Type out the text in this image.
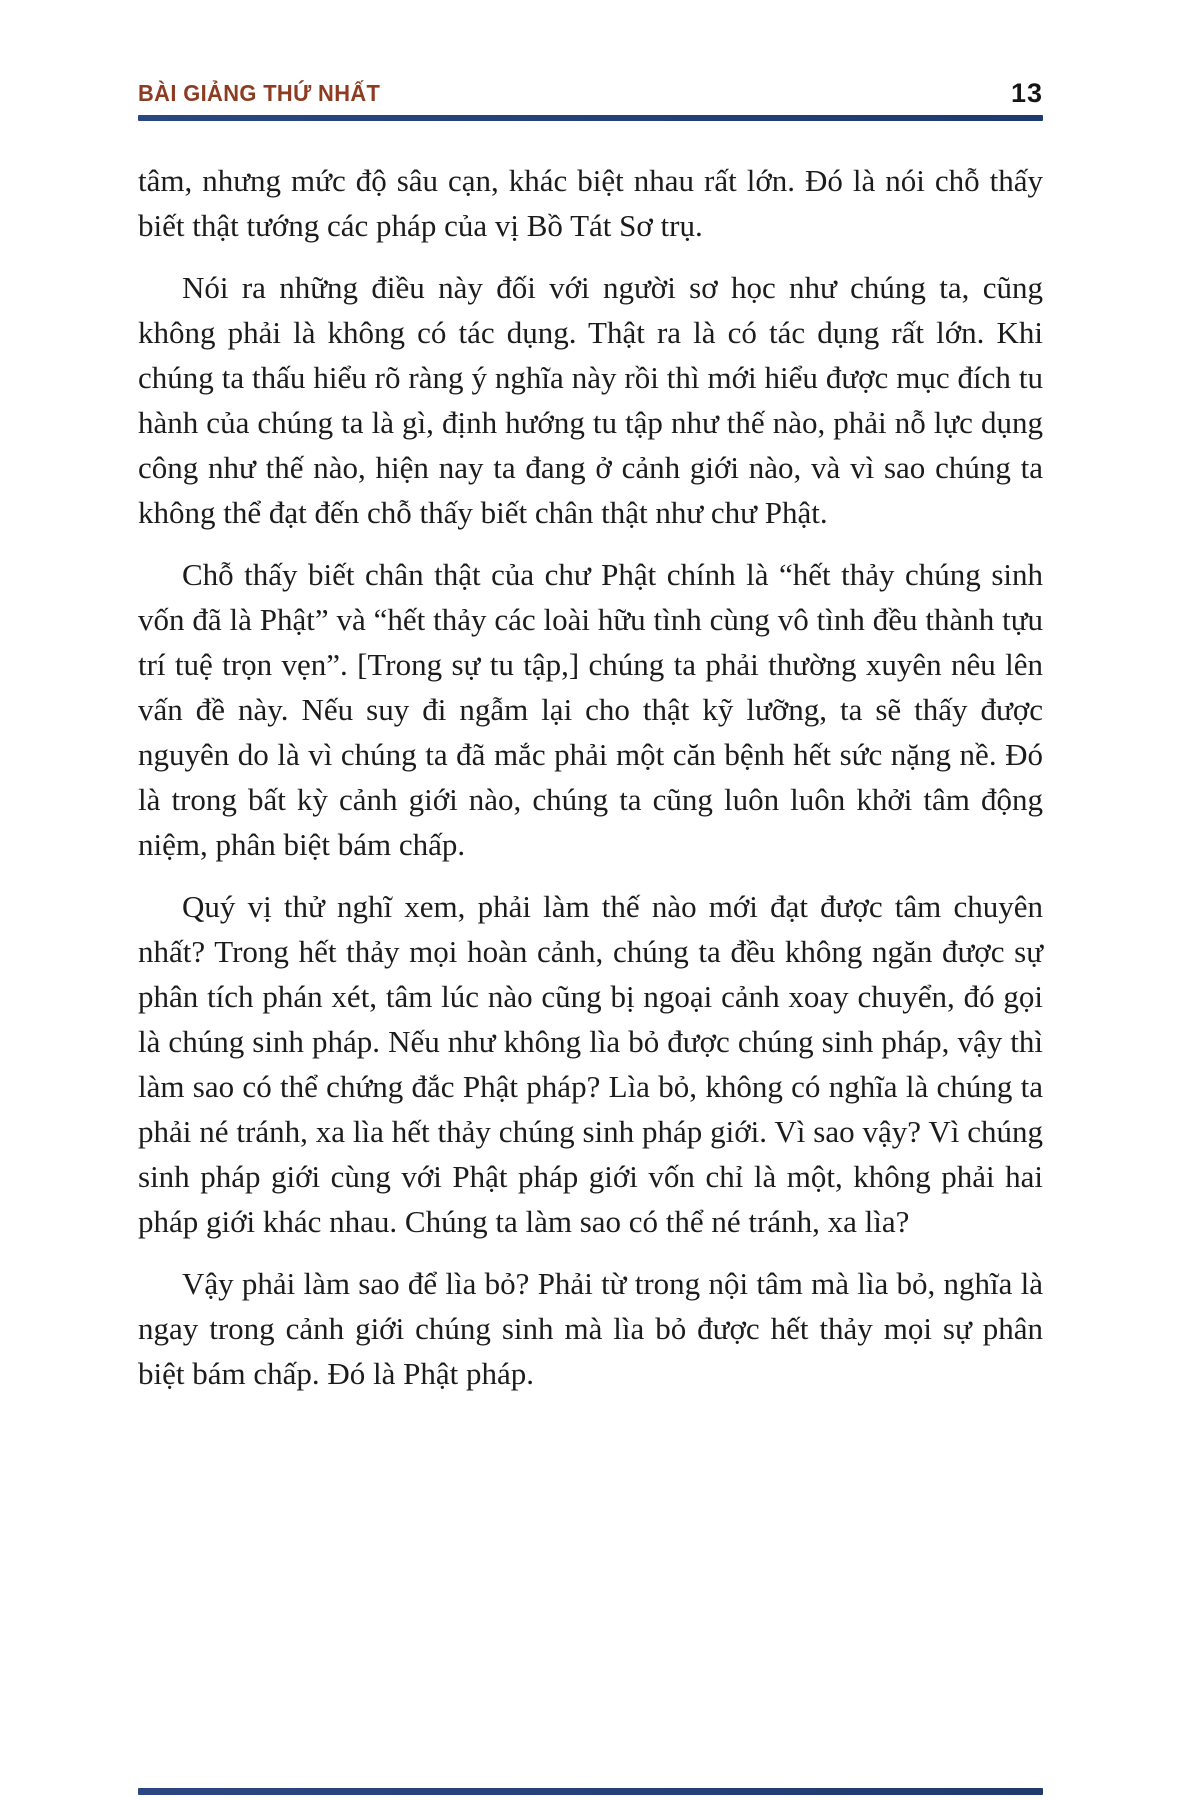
BÀI GIẢNG THỨ NHẤT	13

tâm, nhưng mức độ sâu cạn, khác biệt nhau rất lớn. Đó là nói chỗ thấy biết thật tướng các pháp của vị Bồ Tát Sơ trụ.

Nói ra những điều này đối với người sơ học như chúng ta, cũng không phải là không có tác dụng. Thật ra là có tác dụng rất lớn. Khi chúng ta thấu hiểu rõ ràng ý nghĩa này rồi thì mới hiểu được mục đích tu hành của chúng ta là gì, định hướng tu tập như thế nào, phải nỗ lực dụng công như thế nào, hiện nay ta đang ở cảnh giới nào, và vì sao chúng ta không thể đạt đến chỗ thấy biết chân thật như chư Phật.

Chỗ thấy biết chân thật của chư Phật chính là “hết thảy chúng sinh vốn đã là Phật” và “hết thảy các loài hữu tình cùng vô tình đều thành tựu trí tuệ trọn vẹn”. [Trong sự tu tập,] chúng ta phải thường xuyên nêu lên vấn đề này. Nếu suy đi ngẫm lại cho thật kỹ lưỡng, ta sẽ thấy được nguyên do là vì chúng ta đã mắc phải một căn bệnh hết sức nặng nề. Đó là trong bất kỳ cảnh giới nào, chúng ta cũng luôn luôn khởi tâm động niệm, phân biệt bám chấp.

Quý vị thử nghĩ xem, phải làm thế nào mới đạt được tâm chuyên nhất? Trong hết thảy mọi hoàn cảnh, chúng ta đều không ngăn được sự phân tích phán xét, tâm lúc nào cũng bị ngoại cảnh xoay chuyển, đó gọi là chúng sinh pháp. Nếu như không lìa bỏ được chúng sinh pháp, vậy thì làm sao có thể chứng đắc Phật pháp? Lìa bỏ, không có nghĩa là chúng ta phải né tránh, xa lìa hết thảy chúng sinh pháp giới. Vì sao vậy? Vì chúng sinh pháp giới cùng với Phật pháp giới vốn chỉ là một, không phải hai pháp giới khác nhau. Chúng ta làm sao có thể né tránh, xa lìa?

Vậy phải làm sao để lìa bỏ? Phải từ trong nội tâm mà lìa bỏ, nghĩa là ngay trong cảnh giới chúng sinh mà lìa bỏ được hết thảy mọi sự phân biệt bám chấp. Đó là Phật pháp.
